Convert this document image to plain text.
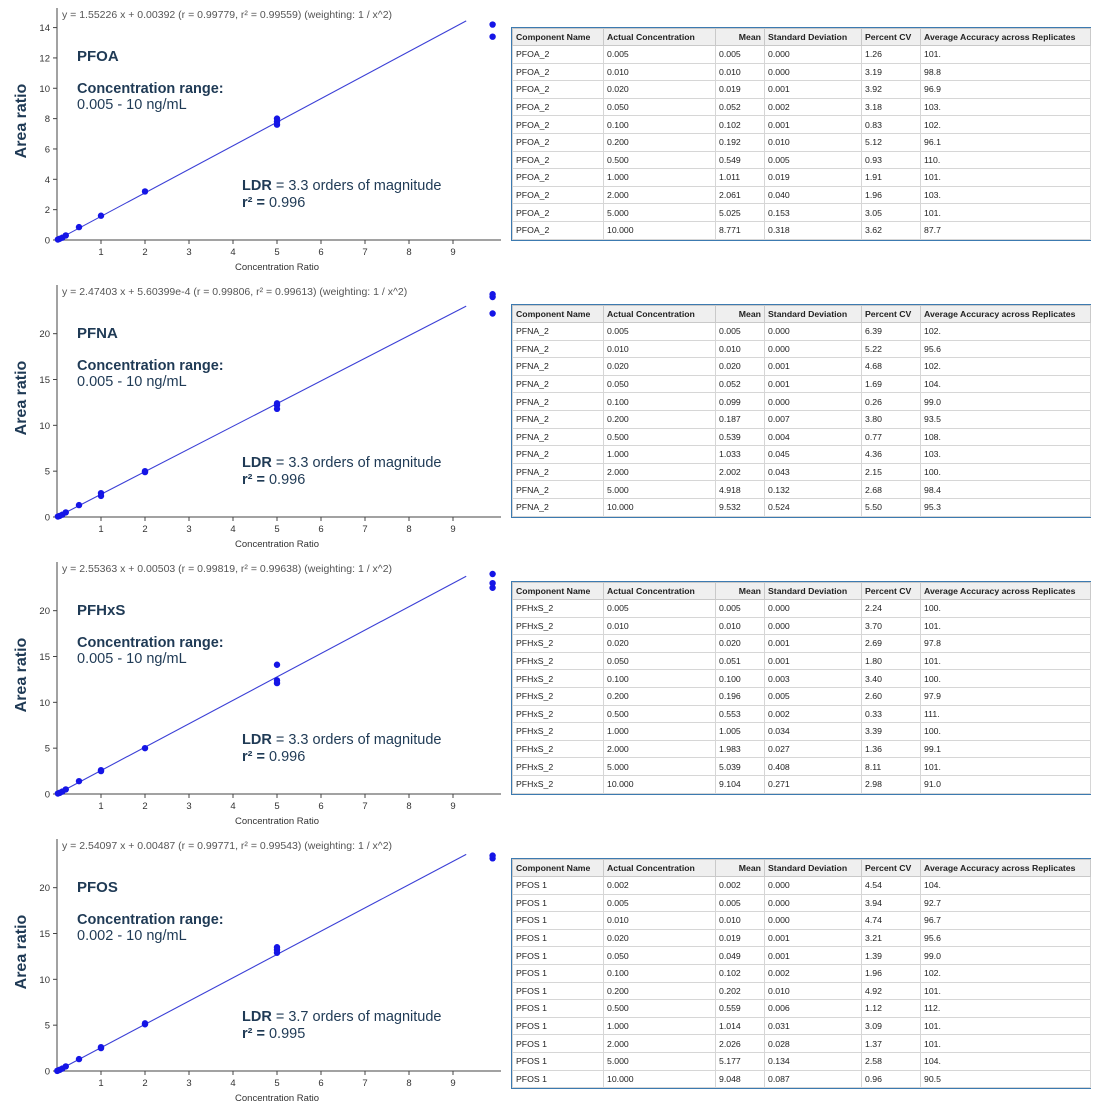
0
2
4
6
8
10
12
14
1	2	3	4	5	6	7	8	9
Concentration Ratio
y = 1.55226 x + 0.00392 (r = 0.99779, r² = 0.99559) (weighting: 1 / x^2)
Area ratio
PFOA
Concentration range:
0.005 - 10 ng/mL
LDR = 3.3 orders of magnitude
r² = 0.996
Component Name	Actual Concentration	Mean	Standard Deviation	Percent CV	Average Accuracy across Replicates
PFOA_2	0.005	0.005	0.000	1.26	101.
PFOA_2	0.010	0.010	0.000	3.19	98.8
PFOA_2	0.020	0.019	0.001	3.92	96.9
PFOA_2	0.050	0.052	0.002	3.18	103.
PFOA_2	0.100	0.102	0.001	0.83	102.
PFOA_2	0.200	0.192	0.010	5.12	96.1
PFOA_2	0.500	0.549	0.005	0.93	110.
PFOA_2	1.000	1.011	0.019	1.91	101.
PFOA_2	2.000	2.061	0.040	1.96	103.
PFOA_2	5.000	5.025	0.153	3.05	101.
PFOA_2	10.000	8.771	0.318	3.62	87.7
0
5
10
15
20
1	2	3	4	5	6	7	8	9
Concentration Ratio
y = 2.47403 x + 5.60399e-4 (r = 0.99806, r² = 0.99613) (weighting: 1 / x^2)
Area ratio
PFNA
Concentration range:
0.005 - 10 ng/mL
LDR = 3.3 orders of magnitude
r² = 0.996
Component Name	Actual Concentration	Mean	Standard Deviation	Percent CV	Average Accuracy across Replicates
PFNA_2	0.005	0.005	0.000	6.39	102.
PFNA_2	0.010	0.010	0.000	5.22	95.6
PFNA_2	0.020	0.020	0.001	4.68	102.
PFNA_2	0.050	0.052	0.001	1.69	104.
PFNA_2	0.100	0.099	0.000	0.26	99.0
PFNA_2	0.200	0.187	0.007	3.80	93.5
PFNA_2	0.500	0.539	0.004	0.77	108.
PFNA_2	1.000	1.033	0.045	4.36	103.
PFNA_2	2.000	2.002	0.043	2.15	100.
PFNA_2	5.000	4.918	0.132	2.68	98.4
PFNA_2	10.000	9.532	0.524	5.50	95.3
0
5
10
15
20
1	2	3	4	5	6	7	8	9
Concentration Ratio
y = 2.55363 x + 0.00503 (r = 0.99819, r² = 0.99638) (weighting: 1 / x^2)
Area ratio
PFHxS
Concentration range:
0.005 - 10 ng/mL
LDR = 3.3 orders of magnitude
r² = 0.996
Component Name	Actual Concentration	Mean	Standard Deviation	Percent CV	Average Accuracy across Replicates
PFHxS_2	0.005	0.005	0.000	2.24	100.
PFHxS_2	0.010	0.010	0.000	3.70	101.
PFHxS_2	0.020	0.020	0.001	2.69	97.8
PFHxS_2	0.050	0.051	0.001	1.80	101.
PFHxS_2	0.100	0.100	0.003	3.40	100.
PFHxS_2	0.200	0.196	0.005	2.60	97.9
PFHxS_2	0.500	0.553	0.002	0.33	111.
PFHxS_2	1.000	1.005	0.034	3.39	100.
PFHxS_2	2.000	1.983	0.027	1.36	99.1
PFHxS_2	5.000	5.039	0.408	8.11	101.
PFHxS_2	10.000	9.104	0.271	2.98	91.0
0
5
10
15
20
1	2	3	4	5	6	7	8	9
Concentration Ratio
y = 2.54097 x + 0.00487 (r = 0.99771, r² = 0.99543) (weighting: 1 / x^2)
Area ratio
PFOS
Concentration range:
0.002 - 10 ng/mL
LDR = 3.7 orders of magnitude
r² = 0.995
Component Name	Actual Concentration	Mean	Standard Deviation	Percent CV	Average Accuracy across Replicates
PFOS 1	0.002	0.002	0.000	4.54	104.
PFOS 1	0.005	0.005	0.000	3.94	92.7
PFOS 1	0.010	0.010	0.000	4.74	96.7
PFOS 1	0.020	0.019	0.001	3.21	95.6
PFOS 1	0.050	0.049	0.001	1.39	99.0
PFOS 1	0.100	0.102	0.002	1.96	102.
PFOS 1	0.200	0.202	0.010	4.92	101.
PFOS 1	0.500	0.559	0.006	1.12	112.
PFOS 1	1.000	1.014	0.031	3.09	101.
PFOS 1	2.000	2.026	0.028	1.37	101.
PFOS 1	5.000	5.177	0.134	2.58	104.
PFOS 1	10.000	9.048	0.087	0.96	90.5
